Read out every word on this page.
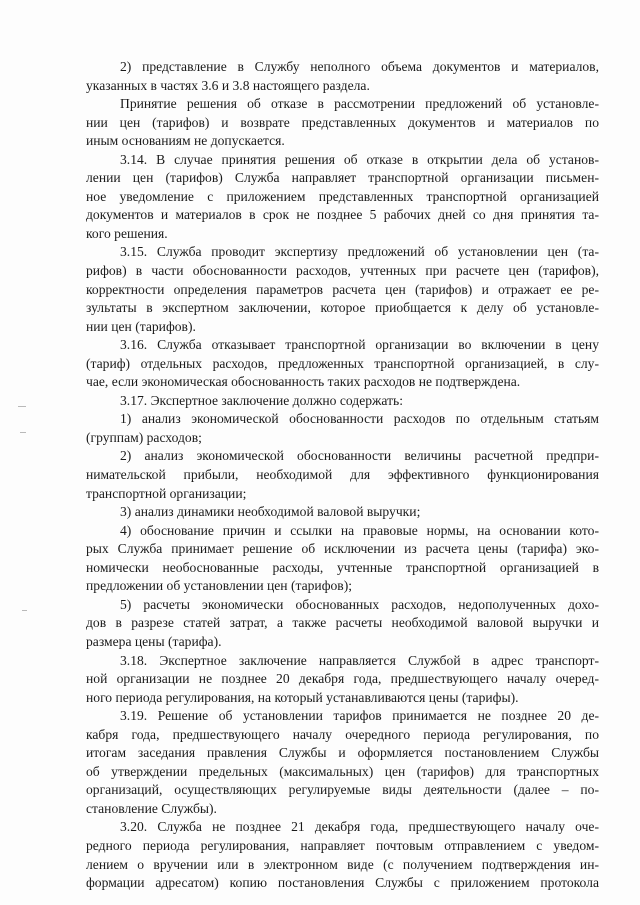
2) представление в Службу неполного объема документов и материалов,
указанных в частях 3.6 и 3.8 настоящего раздела.
Принятие решения об отказе в рассмотрении предложений об установле-
нии цен (тарифов) и возврате представленных документов и материалов по
иным основаниям не допускается.
3.14. В случае принятия решения об отказе в открытии дела об установ-
лении цен (тарифов) Служба направляет транспортной организации письмен-
ное уведомление с приложением представленных транспортной организацией
документов и материалов в срок не позднее 5 рабочих дней со дня принятия та-
кого решения.
3.15. Служба проводит экспертизу предложений об установлении цен (та-
рифов) в части обоснованности расходов, учтенных при расчете цен (тарифов),
корректности определения параметров расчета цен (тарифов) и отражает ее ре-
зультаты в экспертном заключении, которое приобщается к делу об установле-
нии цен (тарифов).
3.16. Служба отказывает транспортной организации во включении в цену
(тариф) отдельных расходов, предложенных транспортной организацией, в слу-
чае, если экономическая обоснованность таких расходов не подтверждена.
3.17. Экспертное заключение должно содержать:
1) анализ экономической обоснованности расходов по отдельным статьям
(группам) расходов;
2) анализ экономической обоснованности величины расчетной предпри-
нимательской прибыли, необходимой для эффективного функционирования
транспортной организации;
3) анализ динамики необходимой валовой выручки;
4) обоснование причин и ссылки на правовые нормы, на основании кото-
рых Служба принимает решение об исключении из расчета цены (тарифа) эко-
номически необоснованные расходы, учтенные транспортной организацией в
предложении об установлении цен (тарифов);
5) расчеты экономически обоснованных расходов, недополученных дохо-
дов в разрезе статей затрат, а также расчеты необходимой валовой выручки и
размера цены (тарифа).
3.18. Экспертное заключение направляется Службой в адрес транспорт-
ной организации не позднее 20 декабря года, предшествующего началу очеред-
ного периода регулирования, на который устанавливаются цены (тарифы).
3.19. Решение об установлении тарифов принимается не позднее 20 де-
кабря года, предшествующего началу очередного периода регулирования, по
итогам заседания правления Службы и оформляется постановлением Службы
об утверждении предельных (максимальных) цен (тарифов) для транспортных
организаций, осуществляющих регулируемые виды деятельности (далее – по-
становление Службы).
3.20. Служба не позднее 21 декабря года, предшествующего началу оче-
редного периода регулирования, направляет почтовым отправлением с уведом-
лением о вручении или в электронном виде (с получением подтверждения ин-
формации адресатом) копию постановления Службы с приложением протокола
